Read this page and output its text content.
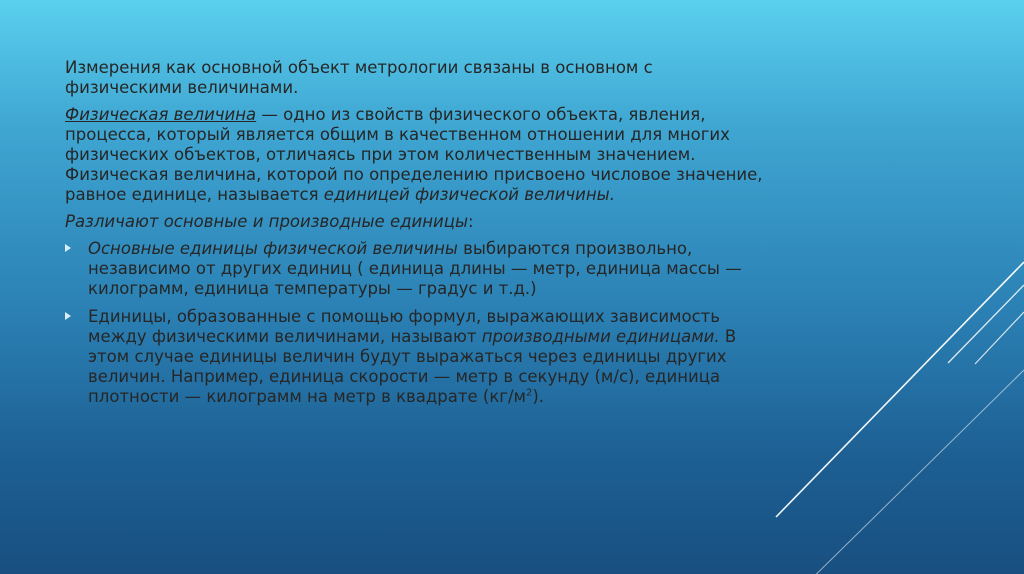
Измерения как основной объект метрологии связаны в основном с физическими величинами.

Физическая величина — одно из свойств физического объекта, явления, процесса, который является общим в качественном отношении для многих физических объектов, отличаясь при этом количественным значением. Физическая величина, которой по определению присвоено числовое значение, равное единице, называется единицей физической величины.

Различают основные и производные единицы:

Основные единицы физической величины выбираются произвольно, независимо от других единиц ( единица длины — метр, единица массы — килограмм, единица температуры — градус и т.д.)
Единицы, образованные с помощью формул, выражающих зависимость между физическими величинами, называют производными единицами. В этом случае единицы величин будут выражаться через единицы других величин. Например, единица скорости — метр в секунду (м/с), единица плотности — килограмм на метр в квадрате $(кг/м^2)$.
